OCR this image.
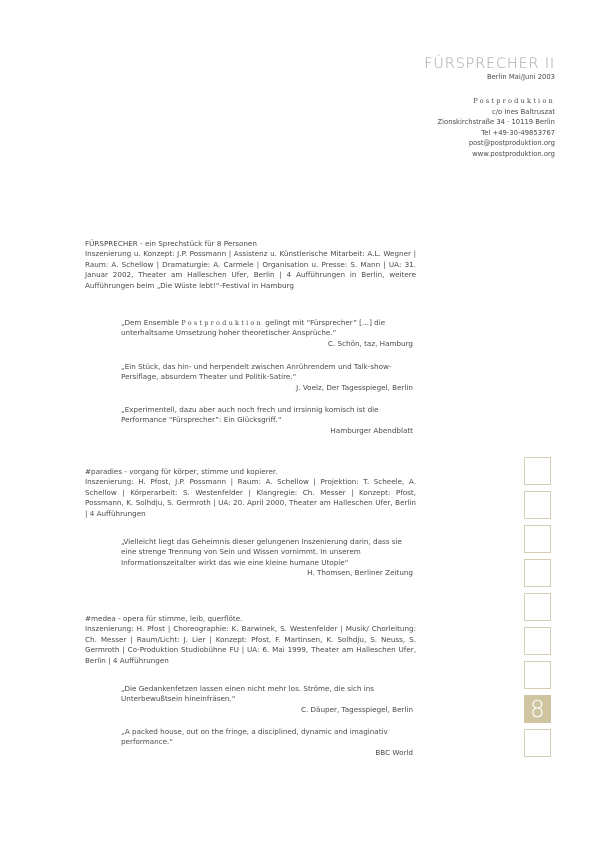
FÜRSPRECHER II
Berlin Mai/Juni 2003
Postproduktion
c/o Ines Baltruszat
Zionskirchstraße 34 · 10119 Berlin
Tel +49-30-49853767
post@postproduktion.org
www.postproduktion.org

FÜRSPRECHER - ein Sprechstück für 8 Personen

Inszenierung u. Konzept: J.P. Possmann | Assistenz u. Künstlerische Mitarbeit: A.L. Wegner | Raum: A. Schellow | Dramaturgie: A. Carmele | Organisation u. Presse: S. Mann | UA: 31. Januar 2002, Theater am Halleschen Ufer, Berlin | 4 Aufführungen in Berlin, weitere Aufführungen beim „Die Wüste lebt!“-Festival in Hamburg

„Dem Ensemble Postproduktion gelingt mit “Fürsprecher” […] die unterhaltsame Umsetzung hoher theoretischer Ansprüche.“

C. Schön, taz, Hamburg

„Ein Stück, das hin- und herpendelt zwischen Anrührendem und Talk-show-Persiflage, absurdem Theater und Politik-Satire.“

J. Voelz, Der Tagesspiegel, Berlin

„Experimentell, dazu aber auch noch frech und irrsinnig komisch ist die Performance “Fürsprecher”: Ein Glücksgriff.“

Hamburger Abendblatt

#paradies - vorgang für körper, stimme und kopierer.

Inszenierung: H. Pfost, J.P. Possmann | Raum: A. Schellow | Projektion: T. Scheele, A. Schellow | Körperarbeit: S. Westenfelder | Klangregie: Ch. Messer | Konzept: Pfost, Possmann, K. Solhdju, S. Germroth | UA: 20. April 2000, Theater am Halleschen Ufer, Berlin | 4 Aufführungen

„Vielleicht liegt das Geheimnis dieser gelungenen Inszenierung darin, dass sie eine strenge Trennung von Sein und Wissen vornimmt. In unserem Informationszeitalter wirkt das wie eine kleine humane Utopie“

H. Thomsen, Berliner Zeitung

#medea - opera für stimme, leib, querflöte.

Inszenierung: H. Pfost | Choreographie: K. Barwinek, S. Westenfelder | Musik/ Chorleitung: Ch. Messer | Raum/Licht: J. Lier | Konzept: Pfost, F. Martinsen, K. Solhdju, S. Neuss, S. Germroth | Co-Produktion Studiobühne FU | UA: 6. Mai 1999, Theater am Halleschen Ufer, Berlin | 4 Aufführungen

„Die Gedankenfetzen lassen einen nicht mehr los. Ströme, die sich ins Unterbewußtsein hineinfräsen.“

C. Däuper, Tagesspiegel, Berlin

„A packed house, out on the fringe, a disciplined, dynamic and imaginativ performance.“

BBC World

8
